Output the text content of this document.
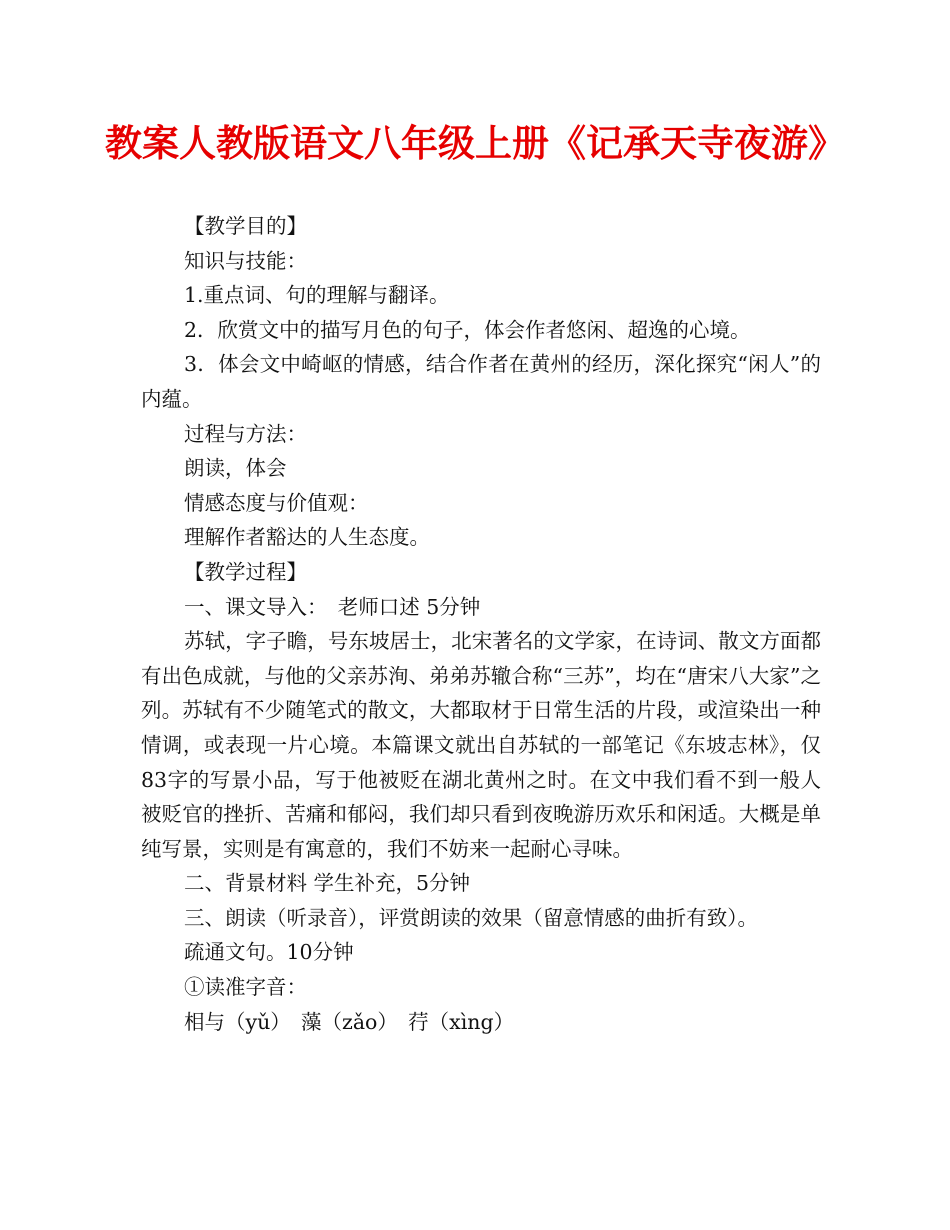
教案人教版语文八年级上册《记承天寺夜游》

【教学目的】

知识与技能：

1.重点词、句的理解与翻译。

2．欣赏文中的描写月色的句子，体会作者悠闲、超逸的心境。

3．体会文中崎岖的情感，结合作者在黄州的经历，深化探究“闲人”的内蕴。

过程与方法：

朗读，体会

情感态度与价值观：

理解作者豁达的人生态度。

【教学过程】

一、课文导入：　老师口述 5分钟

苏轼，字子瞻，号东坡居士，北宋著名的文学家，在诗词、散文方面都有出色成就，与他的父亲苏洵、弟弟苏辙合称“三苏”，均在“唐宋八大家”之列。苏轼有不少随笔式的散文，大都取材于日常生活的片段，或渲染出一种情调，或表现一片心境。本篇课文就出自苏轼的一部笔记《东坡志林》，仅83字的写景小品，写于他被贬在湖北黄州之时。在文中我们看不到一般人被贬官的挫折、苦痛和郁闷，我们却只看到夜晚游历欢乐和闲适。大概是单纯写景，实则是有寓意的，我们不妨来一起耐心寻味。

二、背景材料 学生补充，5分钟

三、朗读（听录音），评赏朗读的效果（留意情感的曲折有致）。

疏通文句。10分钟

①读准字音：

相与（yǔ）　藻（zǎo）　荇（xìng）
